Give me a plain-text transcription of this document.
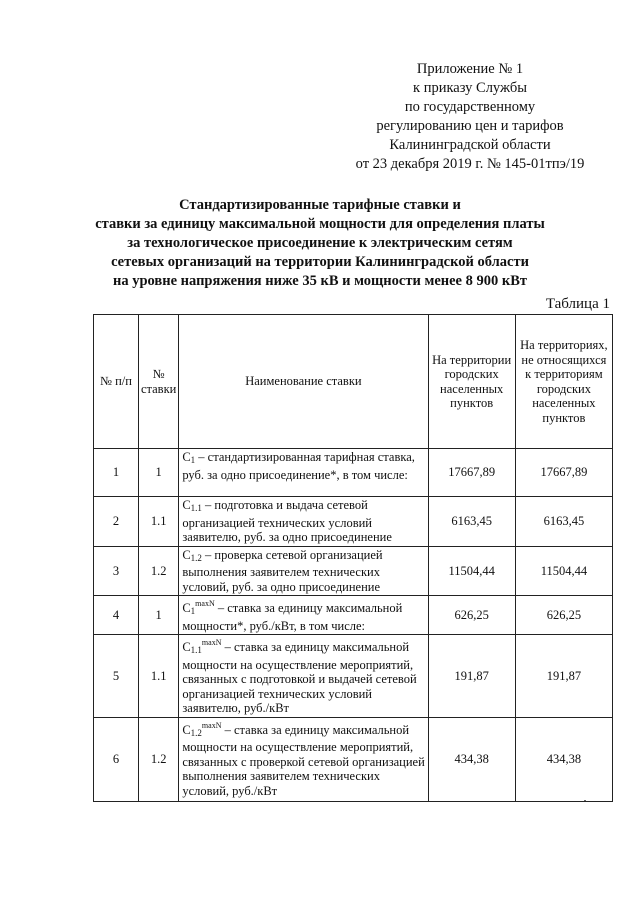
Приложение № 1
к приказу Службы
по государственному
регулированию цен и тарифов
Калининградской области
от 23 декабря 2019 г. № 145-01тпэ/19
Стандартизированные тарифные ставки и
ставки за единицу максимальной мощности для определения платы
за технологическое присоединение к электрическим сетям
сетевых организаций на территории Калининградской области
на уровне напряжения ниже 35 кВ и мощности менее 8 900 кВт
Таблица 1
№ п/п	№ ставки	Наименование ставки	На территории городских населенных пунктов	На территориях, не относящихся к территориям городских населенных пунктов
1	1	$C_1$ – стандартизированная тарифная ставка, руб. за одно присоединение*, в том числе:	17667,89	17667,89
2	1.1	$C_{1.1}$ – подготовка и выдача сетевой организацией технических условий заявителю, руб. за одно присоединение	6163,45	6163,45
3	1.2	$C_{1.2}$ – проверка сетевой организацией выполнения заявителем технических условий, руб. за одно присоединение	11504,44	11504,44
4	1	$C_1^{maxN}$ – ставка за единицу максимальной мощности*, руб./кВт, в том числе:	626,25	626,25
5	1.1	$C_{1.1}^{maxN}$ – ставка за единицу максимальной мощности на осуществление мероприятий, связанных с подготовкой и выдачей сетевой организацией технических условий заявителю, руб./кВт	191,87	191,87
6	1.2	$C_{1.2}^{maxN}$ – ставка за единицу максимальной мощности на осуществление мероприятий, связанных с проверкой сетевой организацией выполнения заявителем технических условий, руб./кВт	434,38	434,38
